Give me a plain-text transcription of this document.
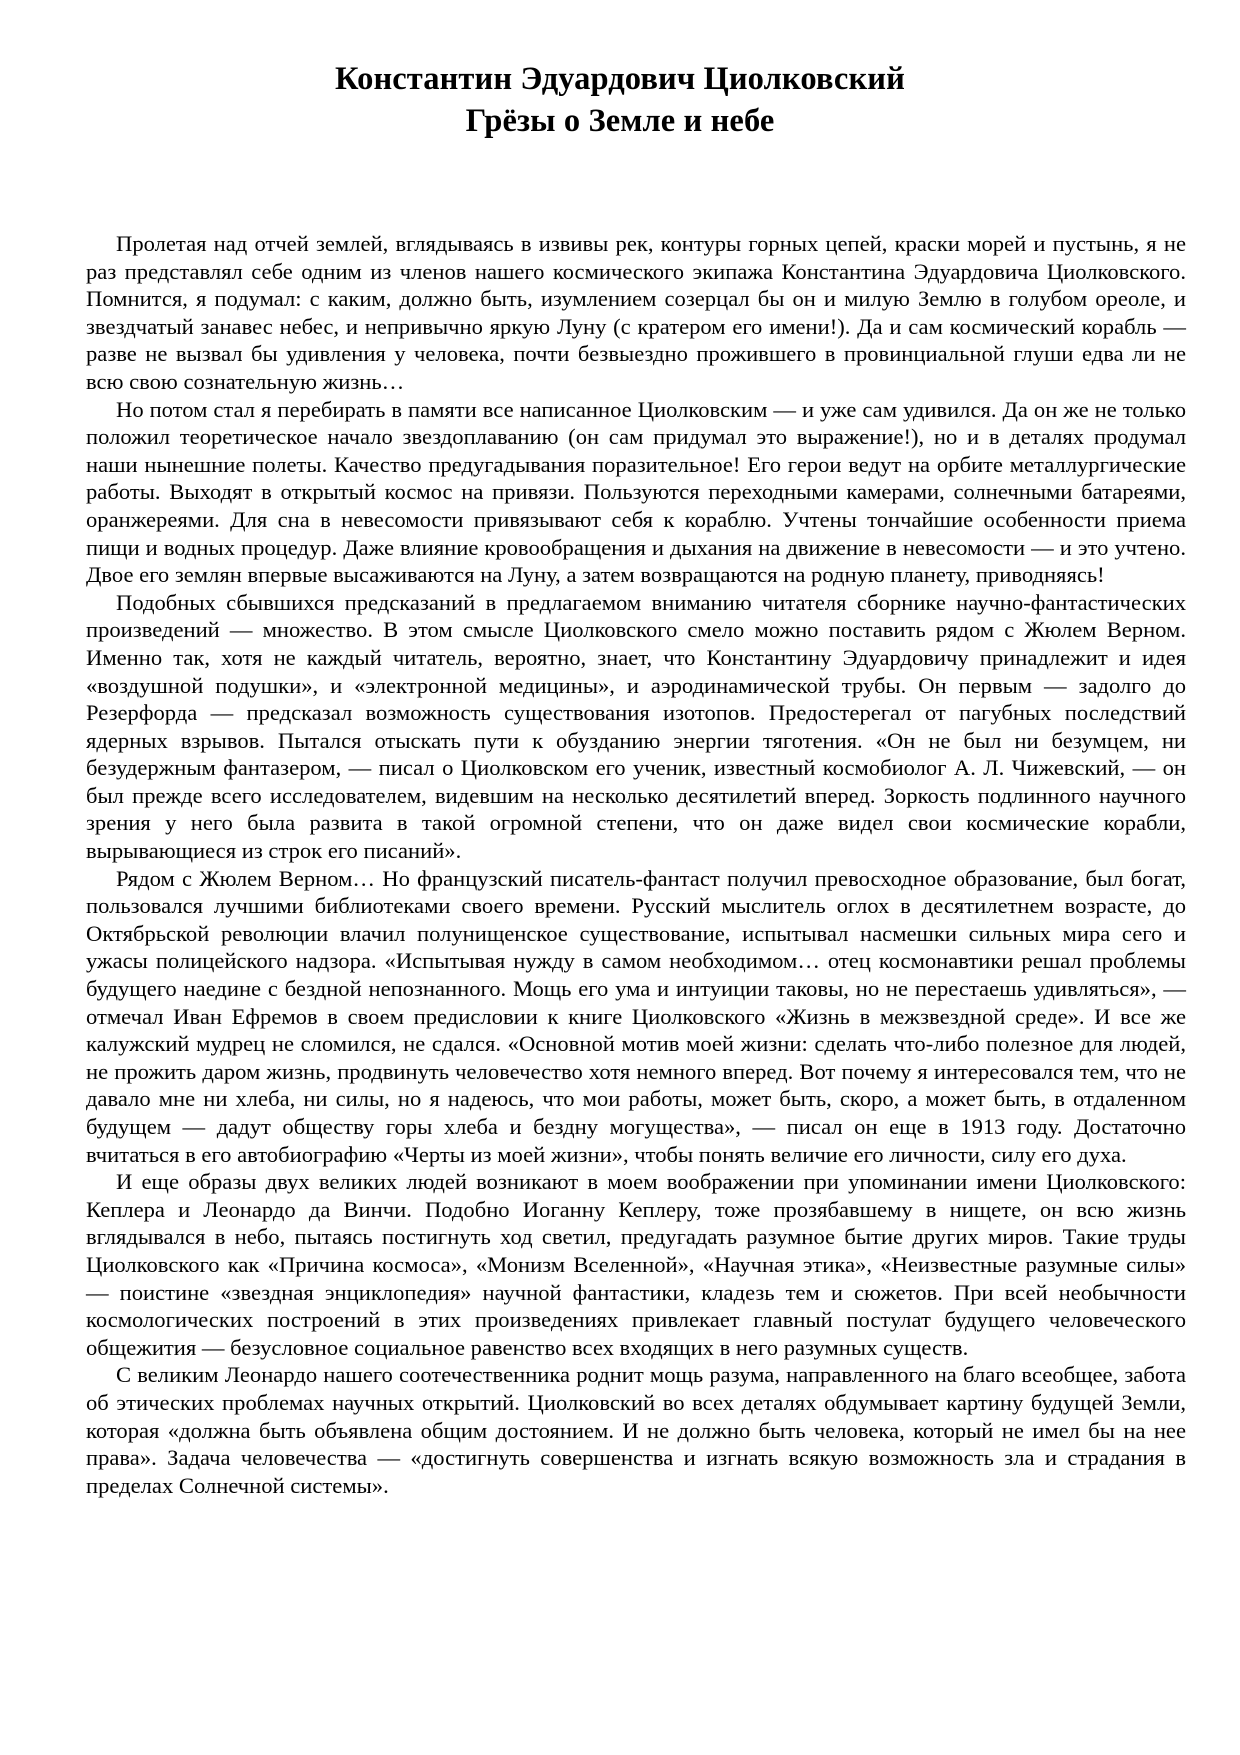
Константин Эдуардович Циолковский
Грёзы о Земле и небе

Пролетая над отчей землей, вглядываясь в извивы рек, контуры горных цепей, краски морей и пустынь, я не раз представлял себе одним из членов нашего космического экипажа Константина Эдуардовича Циолковского. Помнится, я подумал: с каким, должно быть, изумлением созерцал бы он и милую Землю в голубом ореоле, и звездчатый занавес небес, и непривычно яркую Луну (с кратером его имени!). Да и сам космический корабль — разве не вызвал бы удивления у человека, почти безвыездно прожившего в провинциальной глуши едва ли не всю свою сознательную жизнь…

Но потом стал я перебирать в памяти все написанное Циолковским — и уже сам удивился. Да он же не только положил теоретическое начало звездоплаванию (он сам придумал это выражение!), но и в деталях продумал наши нынешние полеты. Качество предугадывания поразительное! Его герои ведут на орбите металлургические работы. Выходят в открытый космос на привязи. Пользуются переходными камерами, солнечными батареями, оранжереями. Для сна в невесомости привязывают себя к кораблю. Учтены тончайшие особенности приема пищи и водных процедур. Даже влияние кровообращения и дыхания на движение в невесомости — и это учтено. Двое его землян впервые высаживаются на Луну, а затем возвращаются на родную планету, приводняясь!

Подобных сбывшихся предсказаний в предлагаемом вниманию читателя сборнике научно-фантастических произведений — множество. В этом смысле Циолковского смело можно поставить рядом с Жюлем Верном. Именно так, хотя не каждый читатель, вероятно, знает, что Константину Эдуардовичу принадлежит и идея «воздушной подушки», и «электронной медицины», и аэродинамической трубы. Он первым — задолго до Резерфорда — предсказал возможность существования изотопов. Предостерегал от пагубных последствий ядерных взрывов. Пытался отыскать пути к обузданию энергии тяготения. «Он не был ни безумцем, ни безудержным фантазером, — писал о Циолковском его ученик, известный космобиолог А. Л. Чижевский, — он был прежде всего исследователем, видевшим на несколько десятилетий вперед. Зоркость подлинного научного зрения у него была развита в такой огромной степени, что он даже видел свои космические корабли, вырывающиеся из строк его писаний».

Рядом с Жюлем Верном… Но французский писатель-фантаст получил превосходное образование, был богат, пользовался лучшими библиотеками своего времени. Русский мыслитель оглох в десятилетнем возрасте, до Октябрьской революции влачил полунищенское существование, испытывал насмешки сильных мира сего и ужасы полицейского надзора. «Испытывая нужду в самом необходимом… отец космонавтики решал проблемы будущего наедине с бездной непознанного. Мощь его ума и интуиции таковы, но не перестаешь удивляться», — отмечал Иван Ефремов в своем предисловии к книге Циолковского «Жизнь в межзвездной среде». И все же калужский мудрец не сломился, не сдался. «Основной мотив моей жизни: сделать что-либо полезное для людей, не прожить даром жизнь, продвинуть человечество хотя немного вперед. Вот почему я интересовался тем, что не давало мне ни хлеба, ни силы, но я надеюсь, что мои работы, может быть, скоро, а может быть, в отдаленном будущем — дадут обществу горы хлеба и бездну могущества», — писал он еще в 1913 году. Достаточно вчитаться в его автобиографию «Черты из моей жизни», чтобы понять величие его личности, силу его духа.

И еще образы двух великих людей возникают в моем воображении при упоминании имени Циолковского: Кеплера и Леонардо да Винчи. Подобно Иоганну Кеплеру, тоже прозябавшему в нищете, он всю жизнь вглядывался в небо, пытаясь постигнуть ход светил, предугадать разумное бытие других миров. Такие труды Циолковского как «Причина космоса», «Монизм Вселенной», «Научная этика», «Неизвестные разумные силы» — поистине «звездная энциклопедия» научной фантастики, кладезь тем и сюжетов. При всей необычности космологических построений в этих произведениях привлекает главный постулат будущего человеческого общежития — безусловное социальное равенство всех входящих в него разумных существ.

С великим Леонардо нашего соотечественника роднит мощь разума, направленного на благо всеобщее, забота об этических проблемах научных открытий. Циолковский во всех деталях обдумывает картину будущей Земли, которая «должна быть объявлена общим достоянием. И не должно быть человека, который не имел бы на нее права». Задача человечества — «достигнуть совершенства и изгнать всякую возможность зла и страдания в пределах Солнечной системы».
